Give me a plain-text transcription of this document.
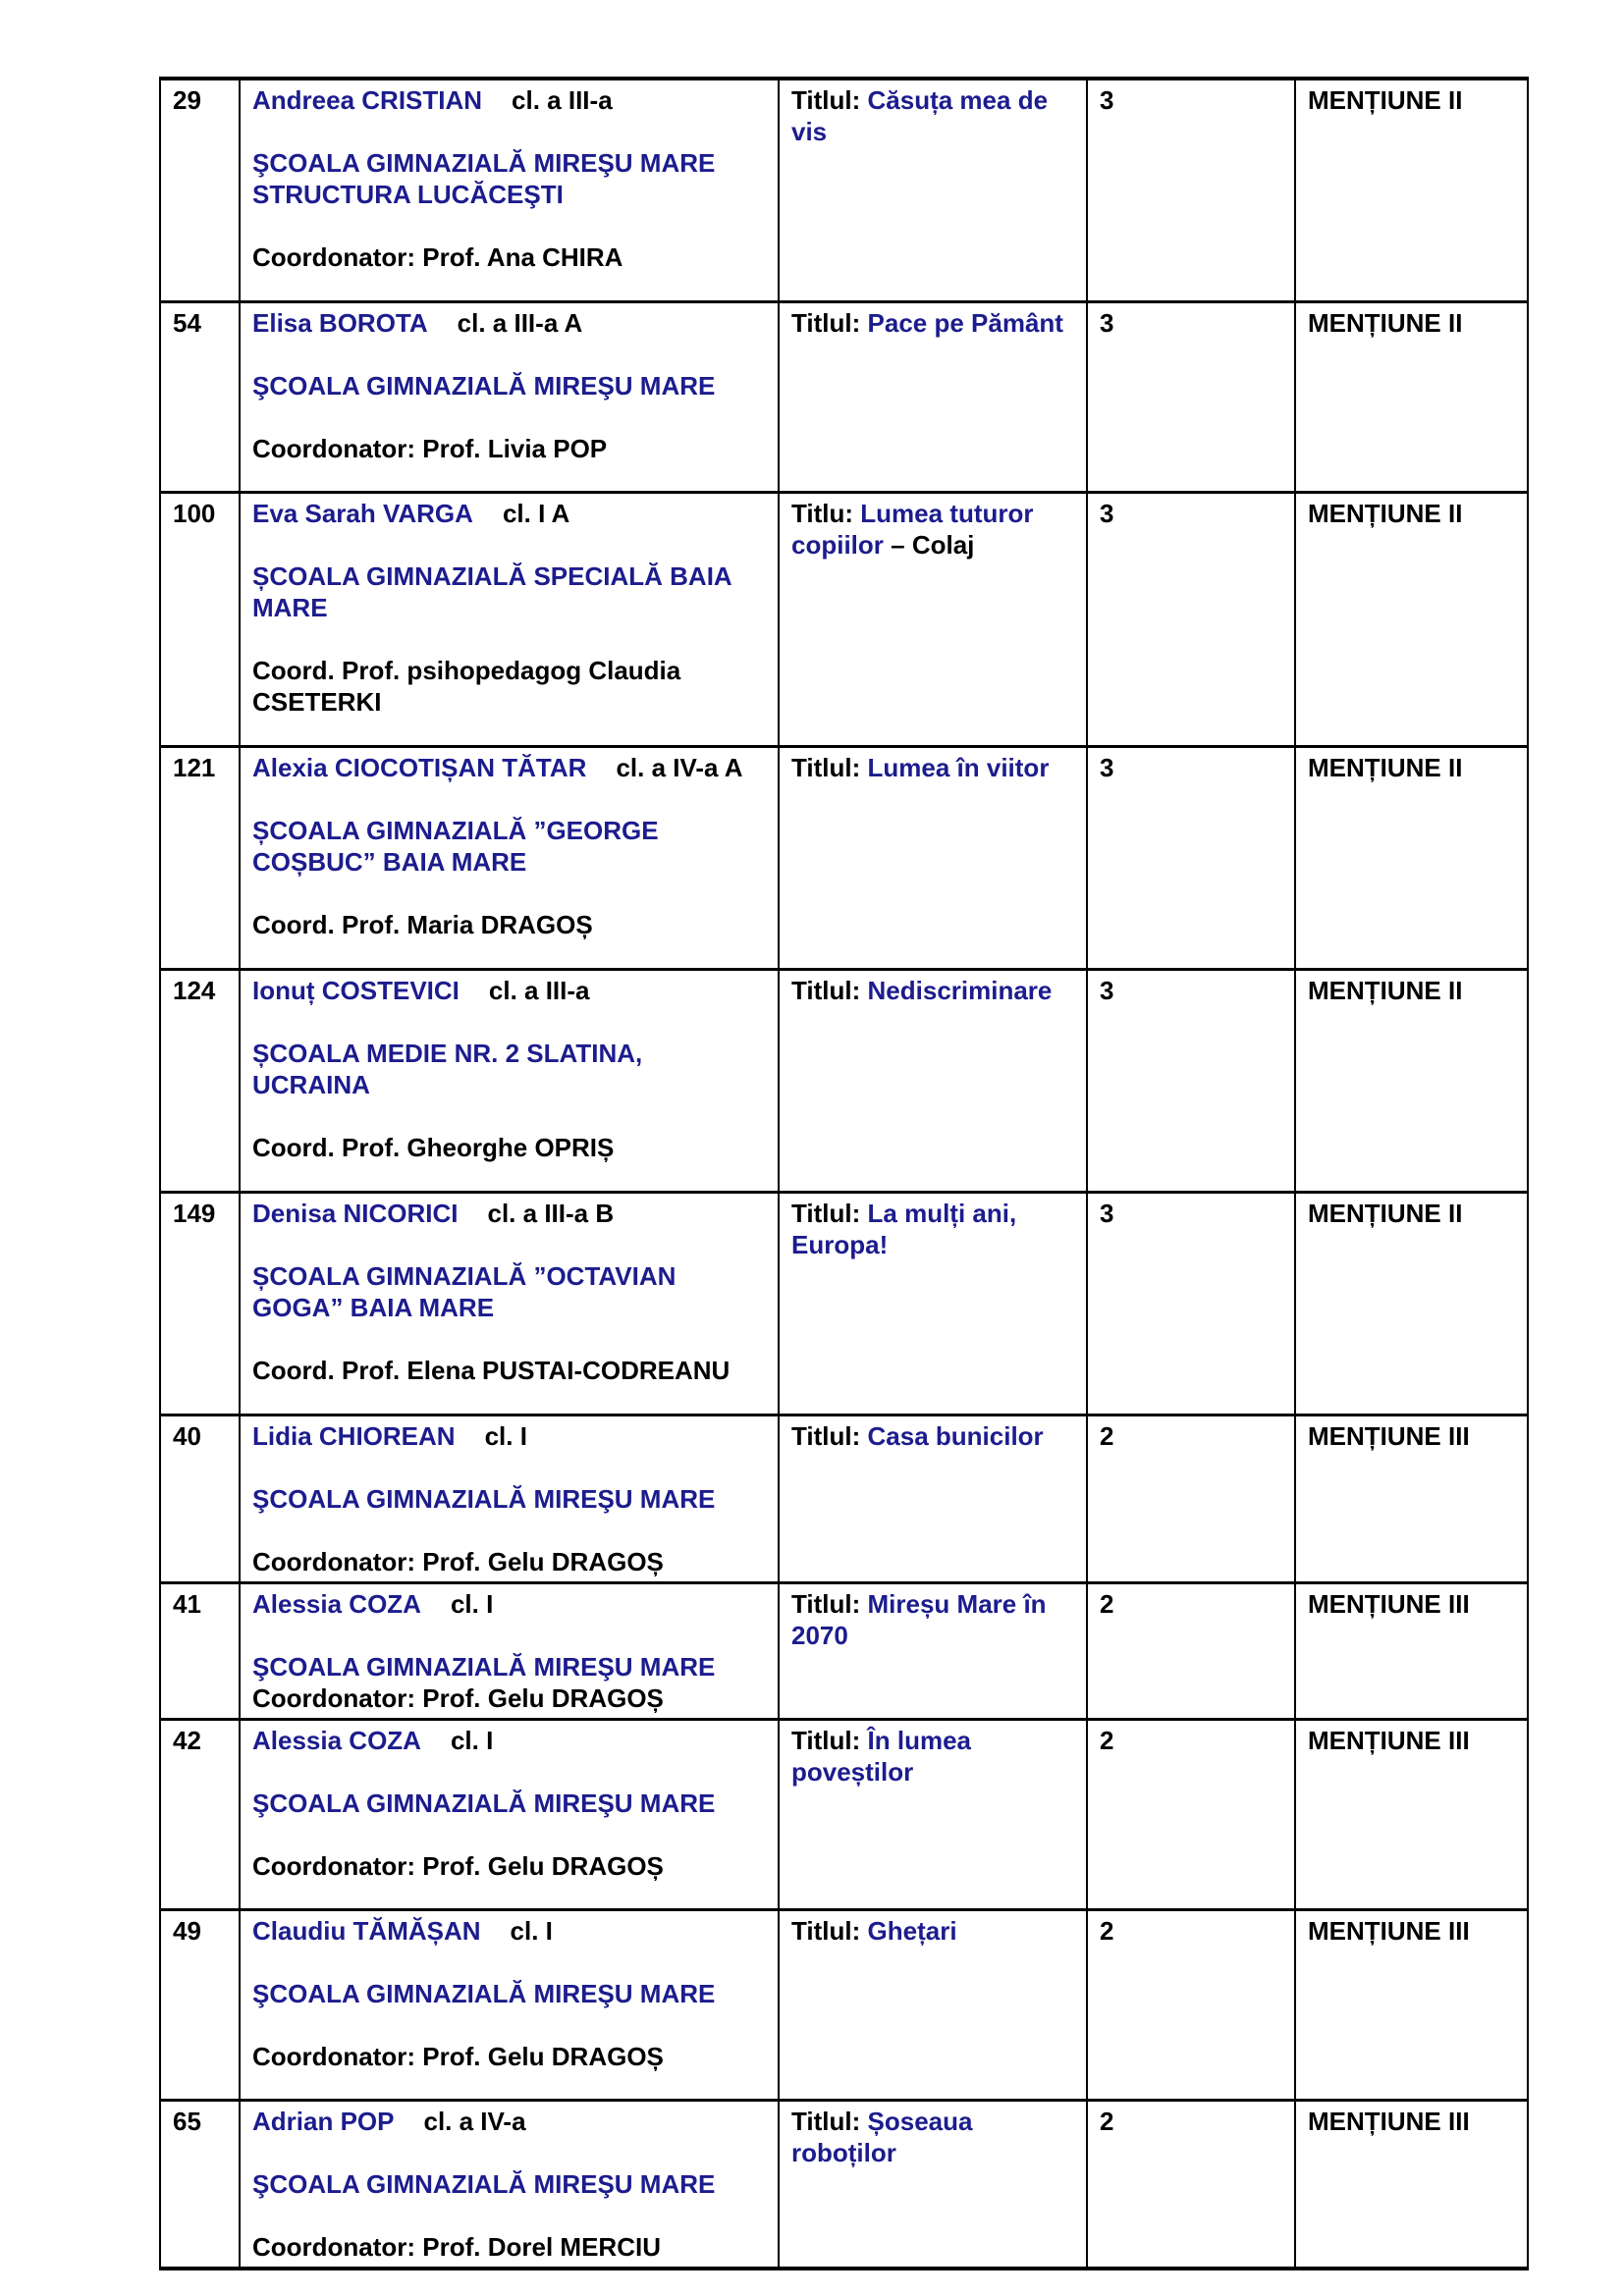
29	Andreea CRISTIAN cl. a III-a
ŞCOALA GIMNAZIALĂ MIREŞU MARE STRUCTURA LUCĂCEŞTI
Coordonator: Prof. Ana CHIRA	Titlul: Căsuța mea de vis	3	MENȚIUNE II
54	Elisa BOROTA cl. a III-a A
ŞCOALA GIMNAZIALĂ MIREŞU MARE
Coordonator: Prof. Livia POP	Titlul: Pace pe Pământ	3	MENȚIUNE II
100	Eva Sarah VARGA cl. I A
ȘCOALA GIMNAZIALĂ SPECIALĂ BAIA MARE
Coord. Prof. psihopedagog Claudia CSETERKI	Titlu: Lumea tuturor copiilor – Colaj	3	MENȚIUNE II
121	Alexia CIOCOTIȘAN TĂTAR cl. a IV-a A
ȘCOALA GIMNAZIALĂ ”GEORGE COȘBUC” BAIA MARE
Coord. Prof. Maria DRAGOȘ	Titlul: Lumea în viitor	3	MENȚIUNE II
124	Ionuț COSTEVICI cl. a III-a
ȘCOALA MEDIE NR. 2 SLATINA, UCRAINA
Coord. Prof. Gheorghe OPRIȘ	Titlul: Nediscriminare	3	MENȚIUNE II
149	Denisa NICORICI cl. a III-a B
ȘCOALA GIMNAZIALĂ ”OCTAVIAN GOGA” BAIA MARE
Coord. Prof. Elena PUSTAI-CODREANU	Titlul: La mulți ani, Europa!	3	MENȚIUNE II
40	Lidia CHIOREAN cl. I
ŞCOALA GIMNAZIALĂ MIREŞU MARE
Coordonator: Prof. Gelu DRAGOȘ	Titlul: Casa bunicilor	2	MENȚIUNE III
41	Alessia COZA cl. I
ŞCOALA GIMNAZIALĂ MIREŞU MARE
Coordonator: Prof. Gelu DRAGOȘ	Titlul: Mireșu Mare în 2070	2	MENȚIUNE III
42	Alessia COZA cl. I
ŞCOALA GIMNAZIALĂ MIREŞU MARE
Coordonator: Prof. Gelu DRAGOȘ	Titlul: În lumea poveștilor	2	MENȚIUNE III
49	Claudiu TĂMĂȘAN cl. I
ŞCOALA GIMNAZIALĂ MIREŞU MARE
Coordonator: Prof. Gelu DRAGOȘ	Titlul: Ghețari	2	MENȚIUNE III
65	Adrian POP cl. a IV-a
ŞCOALA GIMNAZIALĂ MIREŞU MARE
Coordonator: Prof. Dorel MERCIU	Titlul: Șoseaua roboților	2	MENȚIUNE III
